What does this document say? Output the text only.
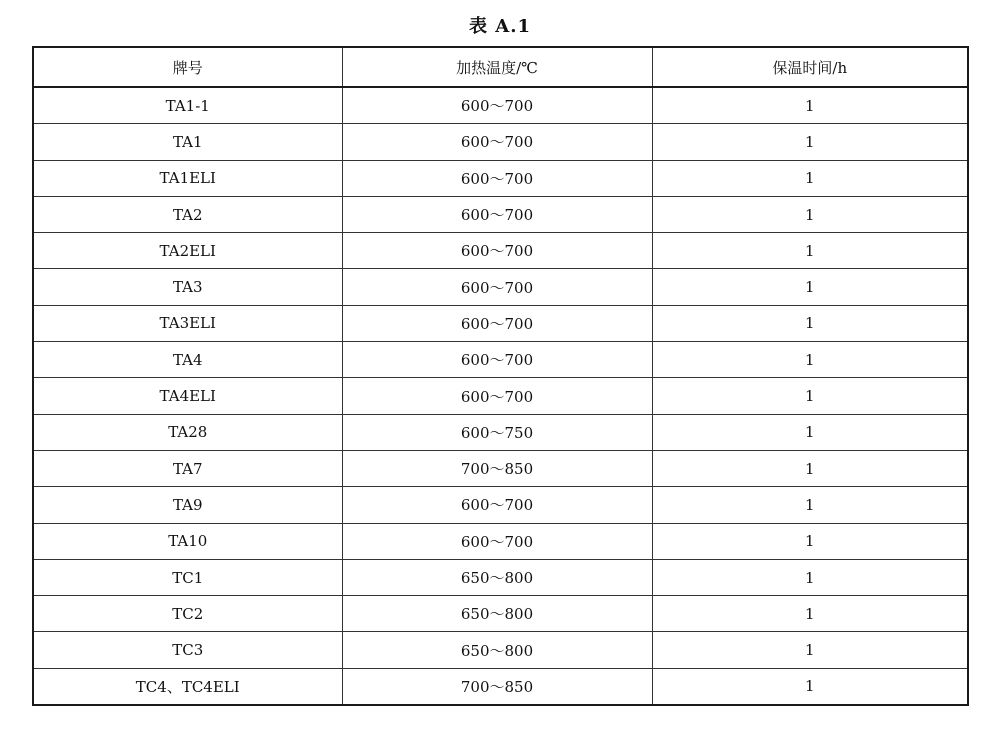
表 A.1
牌号	加热温度/℃	保温时间/h
TA1-1	600～700	1
TA1	600～700	1
TA1ELI	600～700	1
TA2	600～700	1
TA2ELI	600～700	1
TA3	600～700	1
TA3ELI	600～700	1
TA4	600～700	1
TA4ELI	600～700	1
TA28	600～750	1
TA7	700～850	1
TA9	600～700	1
TA10	600～700	1
TC1	650～800	1
TC2	650～800	1
TC3	650～800	1
TC4、TC4ELI	700～850	1
